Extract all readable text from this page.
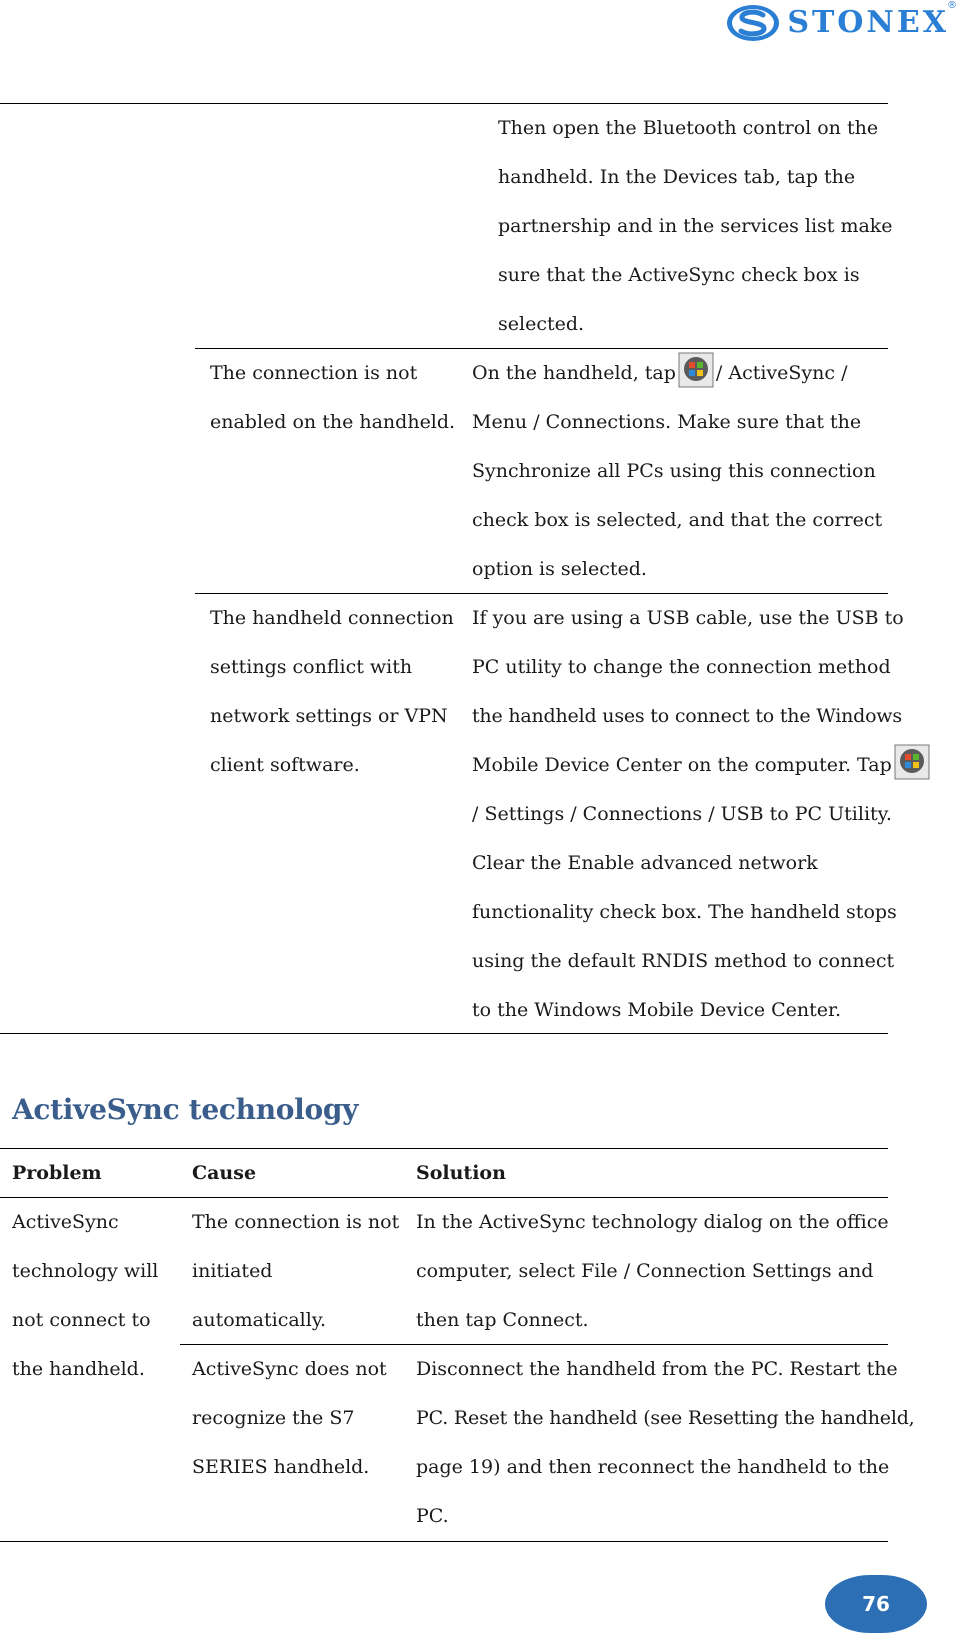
STONEX
®
Then open the Bluetooth control on the
handheld. In the Devices tab, tap the
partnership and in the services list make
sure that the ActiveSync check box is
selected.
The connection is not
enabled on the handheld.
On the handheld, tap / ActiveSync /
Menu / Connections. Make sure that the
Synchronize all PCs using this connection
check box is selected, and that the correct
option is selected.
The handheld connection
settings conflict with
network settings or VPN
client software.
If you are using a USB cable, use the USB to
PC utility to change the connection method
the handheld uses to connect to the Windows
Mobile Device Center on the computer. Tap
/ Settings / Connections / USB to PC Utility.
Clear the Enable advanced network
functionality check box. The handheld stops
using the default RNDIS method to connect
to the Windows Mobile Device Center.
ActiveSync technology
Problem	Cause	Solution
ActiveSync
technology will
not connect to
the handheld.
The connection is not
initiated
automatically.
In the ActiveSync technology dialog on the office
computer, select File / Connection Settings and
then tap Connect.
ActiveSync does not
recognize the S7
SERIES handheld.
Disconnect the handheld from the PC. Restart the
PC. Reset the handheld (see Resetting the handheld,
page 19) and then reconnect the handheld to the
PC.
76
